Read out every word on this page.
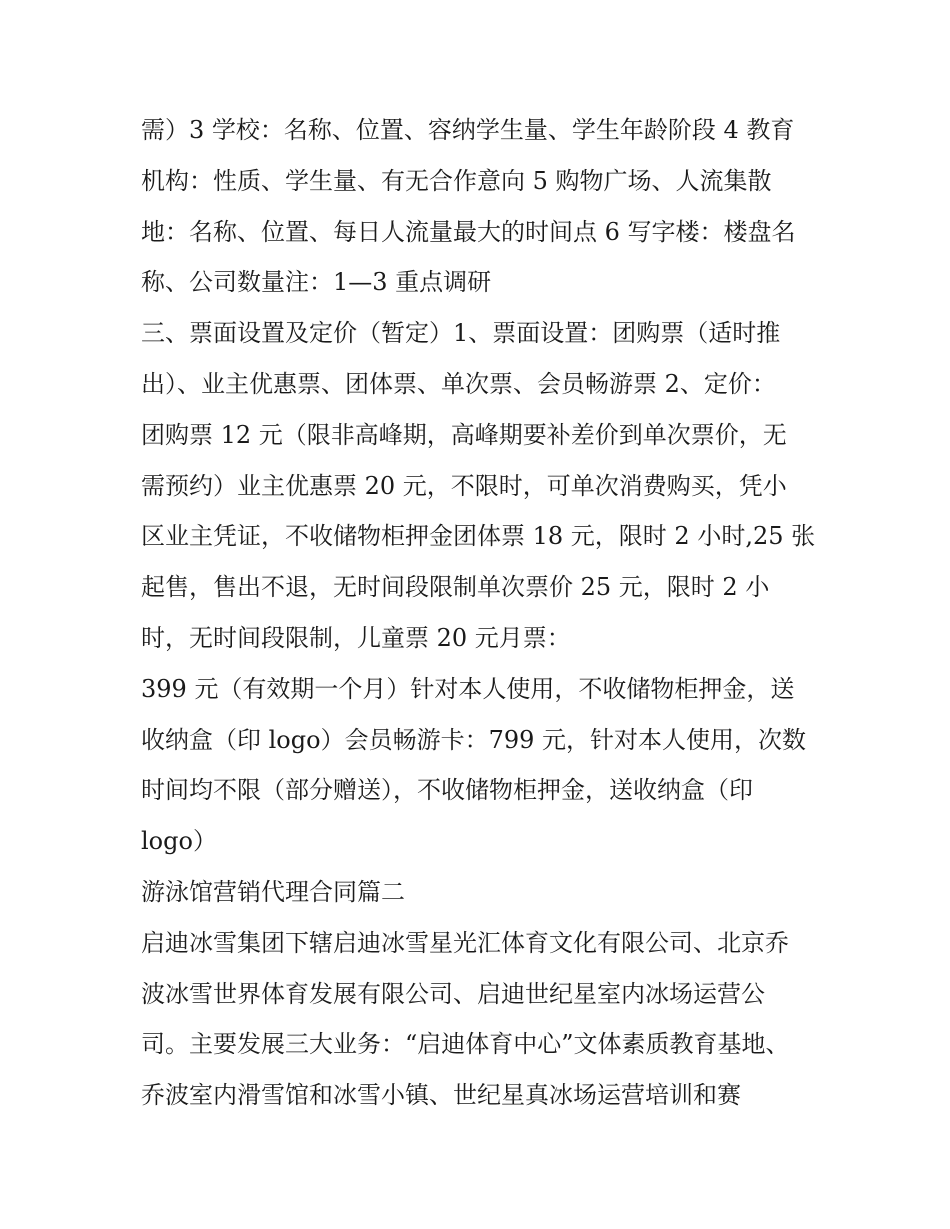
需）3 学校：名称、位置、容纳学生量、学生年龄阶段 4 教育
机构：性质、学生量、有无合作意向 5 购物广场、人流集散
地：名称、位置、每日人流量最大的时间点 6 写字楼：楼盘名
称、公司数量注：1—3 重点调研
三、票面设置及定价（暂定）1、票面设置：团购票（适时推
出）、业主优惠票、团体票、单次票、会员畅游票 2、定价：
团购票 12 元（限非高峰期，高峰期要补差价到单次票价，无
需预约）业主优惠票 20 元，不限时，可单次消费购买，凭小
区业主凭证，不收储物柜押金团体票 18 元，限时 2 小时,25 张
起售，售出不退，无时间段限制单次票价 25 元，限时 2 小
时，无时间段限制，儿童票 20 元月票：
399 元（有效期一个月）针对本人使用，不收储物柜押金，送
收纳盒（印 logo）会员畅游卡：799 元，针对本人使用，次数
时间均不限（部分赠送），不收储物柜押金，送收纳盒（印
logo）
游泳馆营销代理合同篇二
启迪冰雪集团下辖启迪冰雪星光汇体育文化有限公司、北京乔
波冰雪世界体育发展有限公司、启迪世纪星室内冰场运营公
司。主要发展三大业务：“启迪体育中心”文体素质教育基地、
乔波室内滑雪馆和冰雪小镇、世纪星真冰场运营培训和赛
